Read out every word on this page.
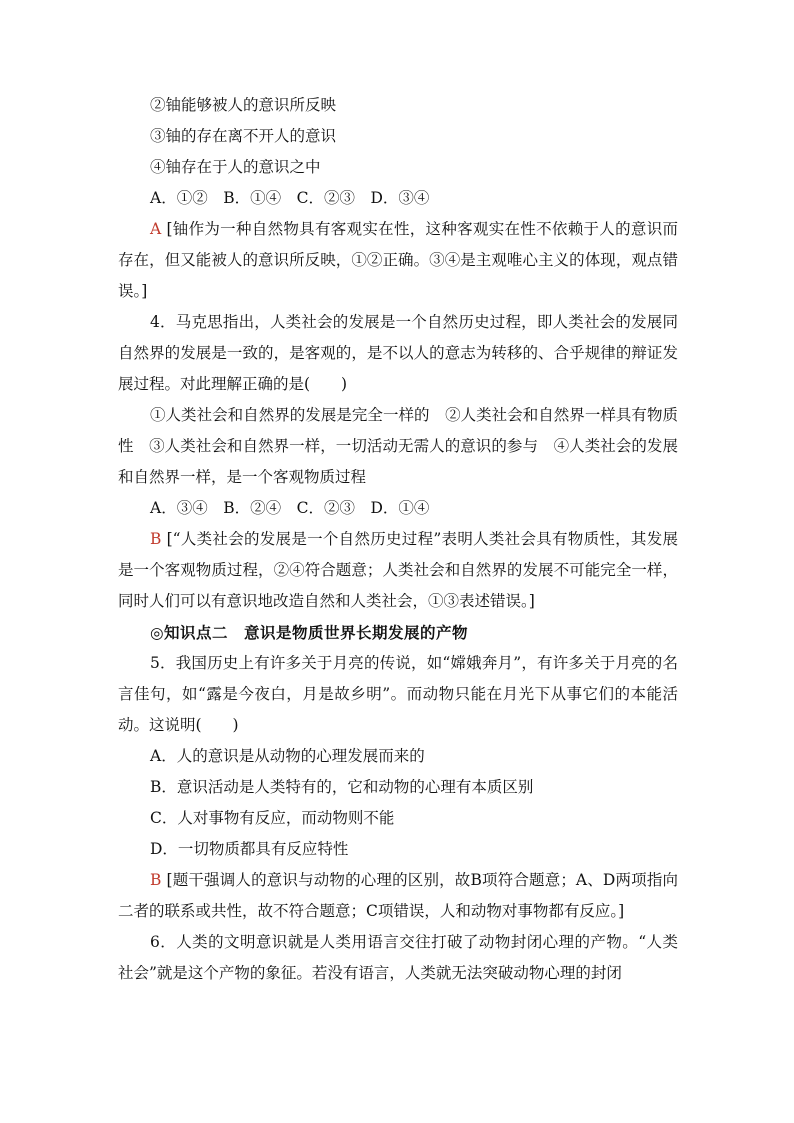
②铀能够被人的意识所反映
③铀的存在离不开人的意识
④铀存在于人的意识之中
A．①②　B．①④　C．②③　D．③④
A [铀作为一种自然物具有客观实在性，这种客观实在性不依赖于人的意识而存在，但又能被人的意识所反映，①②正确。③④是主观唯心主义的体现，观点错误。]
4．马克思指出，人类社会的发展是一个自然历史过程，即人类社会的发展同自然界的发展是一致的，是客观的，是不以人的意志为转移的、合乎规律的辩证发展过程。对此理解正确的是(　　)
①人类社会和自然界的发展是完全一样的　②人类社会和自然界一样具有物质性　③人类社会和自然界一样，一切活动无需人的意识的参与　④人类社会的发展和自然界一样，是一个客观物质过程
A．③④　B．②④　C．②③　D．①④
B [“人类社会的发展是一个自然历史过程”表明人类社会具有物质性，其发展是一个客观物质过程，②④符合题意；人类社会和自然界的发展不可能完全一样，同时人们可以有意识地改造自然和人类社会，①③表述错误。]
◎知识点二　意识是物质世界长期发展的产物
5．我国历史上有许多关于月亮的传说，如“嫦娥奔月”，有许多关于月亮的名言佳句，如“露是今夜白，月是故乡明”。而动物只能在月光下从事它们的本能活动。这说明(　　)
A．人的意识是从动物的心理发展而来的
B．意识活动是人类特有的，它和动物的心理有本质区别
C．人对事物有反应，而动物则不能
D．一切物质都具有反应特性
B [题干强调人的意识与动物的心理的区别，故B项符合题意；A、D两项指向二者的联系或共性，故不符合题意；C项错误，人和动物对事物都有反应。]
6．人类的文明意识就是人类用语言交往打破了动物封闭心理的产物。“人类社会”就是这个产物的象征。若没有语言，人类就无法突破动物心理的封闭
